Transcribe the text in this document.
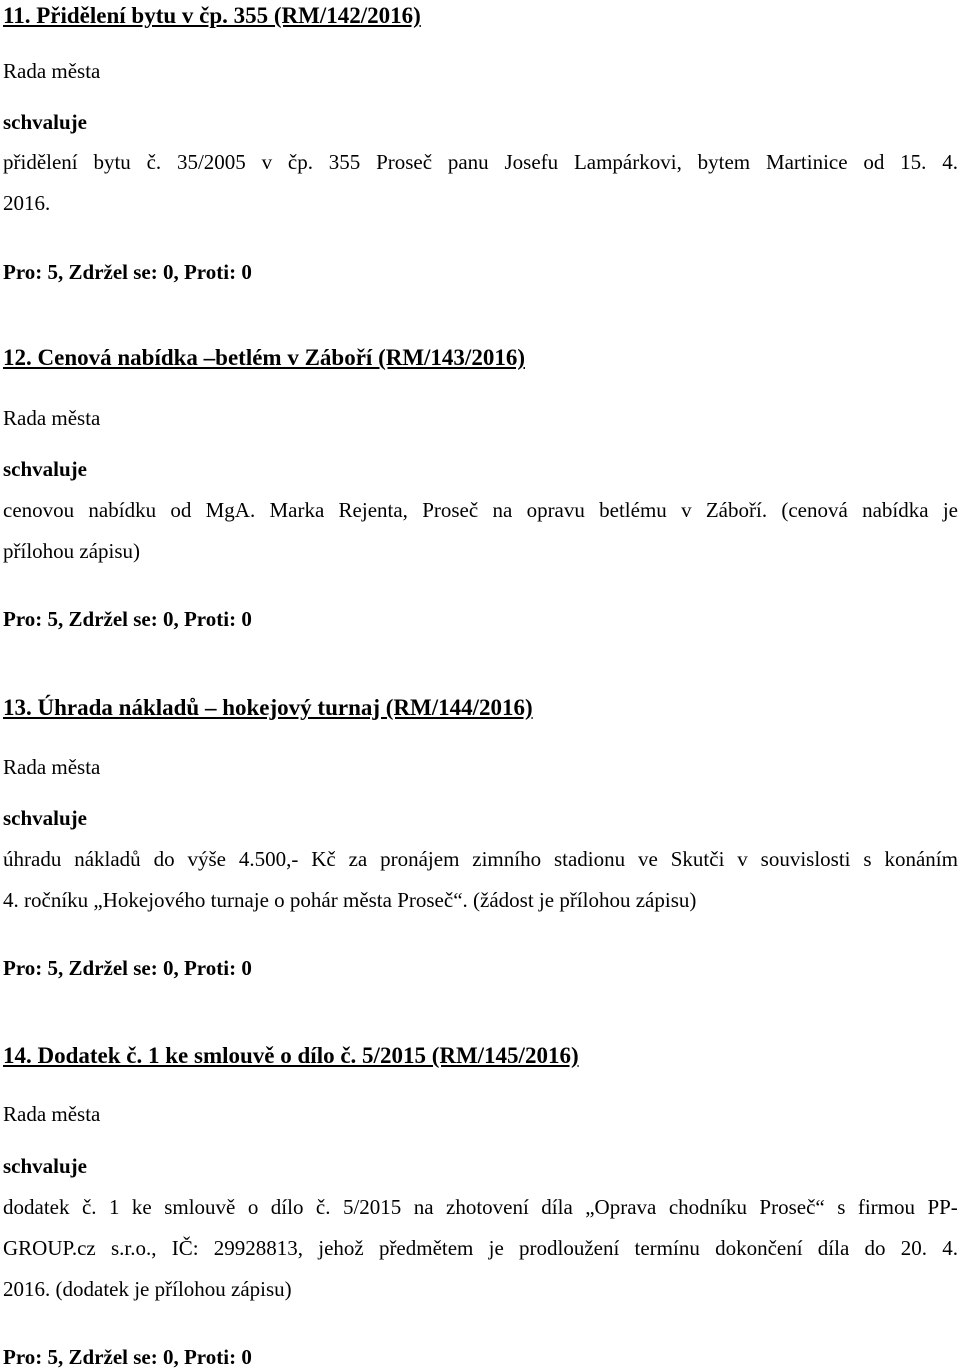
11. Přidělení bytu v čp. 355 (RM/142/2016)
Rada města
schvaluje
přidělení bytu č. 35/2005 v čp. 355 Proseč panu Josefu Lampárkovi, bytem Martinice od 15. 4.
2016.
Pro: 5, Zdržel se: 0, Proti: 0
12. Cenová nabídka –betlém v Záboří (RM/143/2016)
Rada města
schvaluje
cenovou nabídku od MgA. Marka Rejenta, Proseč na opravu betlému v Záboří. (cenová nabídka je
přílohou zápisu)
Pro: 5, Zdržel se: 0, Proti: 0
13. Úhrada nákladů – hokejový turnaj (RM/144/2016)
Rada města
schvaluje
úhradu nákladů do výše 4.500,- Kč za pronájem zimního stadionu ve Skutči v souvislosti s konáním
4. ročníku „Hokejového turnaje o pohár města Proseč“. (žádost je přílohou zápisu)
Pro: 5, Zdržel se: 0, Proti: 0
14. Dodatek č. 1 ke smlouvě o dílo č. 5/2015 (RM/145/2016)
Rada města
schvaluje
dodatek č. 1 ke smlouvě o dílo č. 5/2015 na zhotovení díla „Oprava chodníku Proseč“ s firmou PP-
GROUP.cz s.r.o., IČ: 29928813, jehož předmětem je prodloužení termínu dokončení díla do 20. 4.
2016. (dodatek je přílohou zápisu)
Pro: 5, Zdržel se: 0, Proti: 0
